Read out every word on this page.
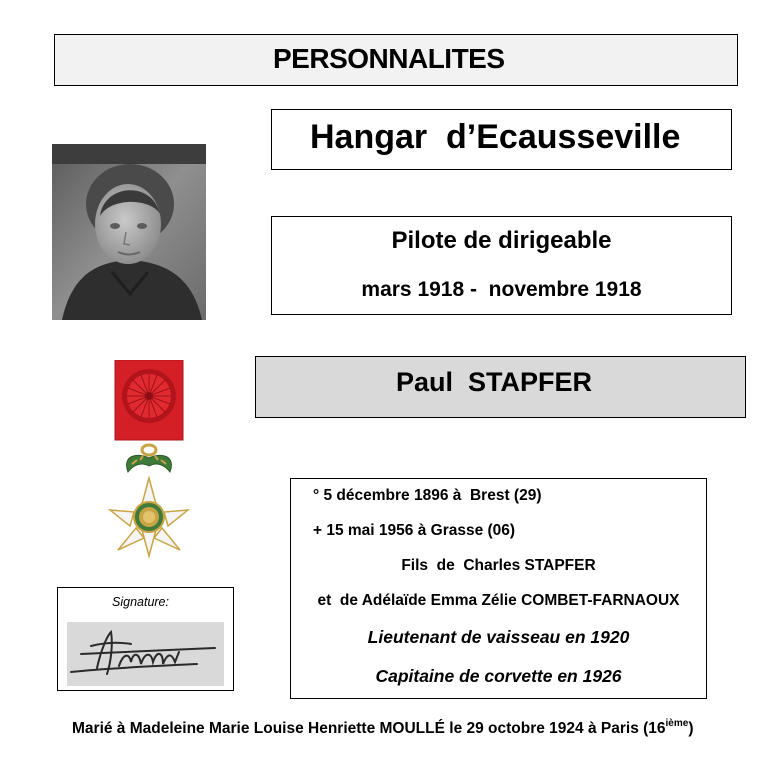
PERSONNALITES
Hangar  d’Ecausseville
Pilote de dirigeable
mars 1918 -  novembre 1918
Paul  STAPFER
° 5 décembre 1896 à  Brest (29)
+ 15 mai 1956 à Grasse (06)
Fils  de  Charles STAPFER
et  de Adélaïde Emma Zélie COMBET-FARNAOUX
Lieutenant de vaisseau en 1920
Capitaine de corvette en 1926
Signature:
Marié à Madeleine Marie Louise Henriette MOULLÉ le 29 octobre 1924 à Paris (16ième)
